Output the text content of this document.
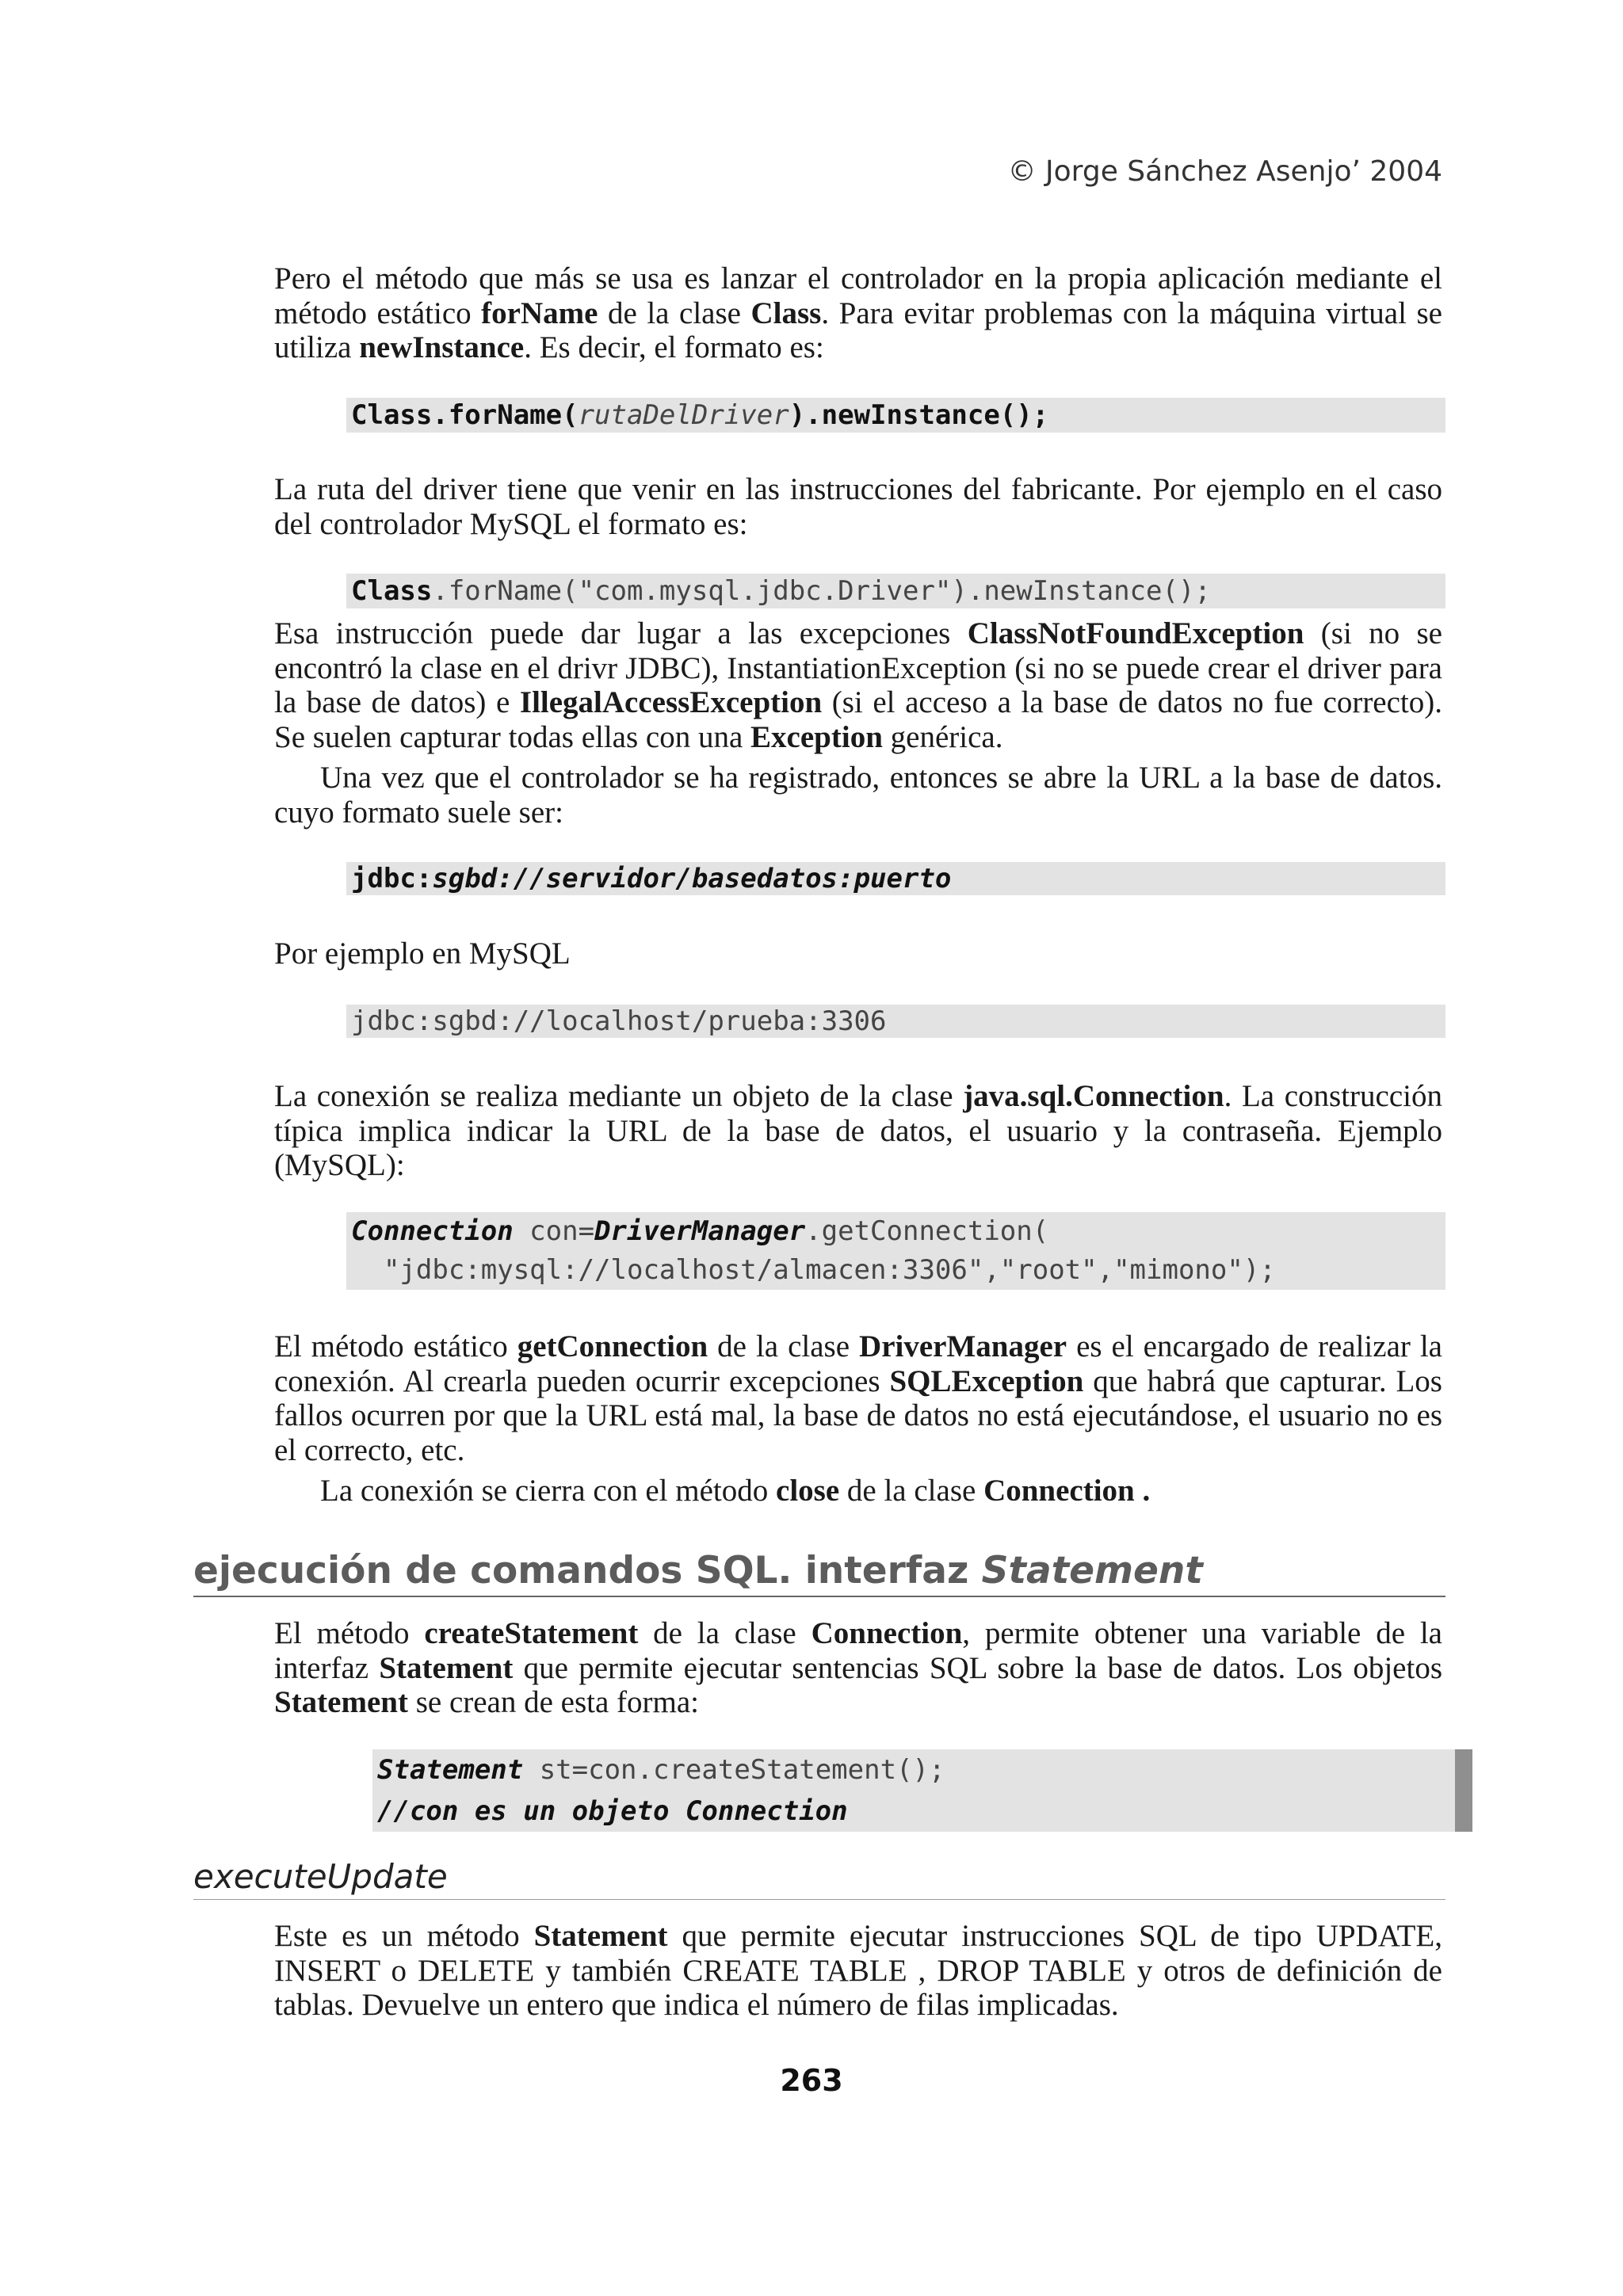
© Jorge Sánchez Asenjo’ 2004

Pero el método que más se usa es lanzar el controlador en la propia aplicación mediante el método estático forName de la clase Class. Para evitar problemas con la máquina virtual se utiliza newInstance. Es decir, el formato es:

Class.forName(rutaDelDriver).newInstance();

La ruta del driver tiene que venir en las instrucciones del fabricante. Por ejemplo en el caso del controlador MySQL el formato es:

Class.forName("com.mysql.jdbc.Driver").newInstance();

Esa instrucción puede dar lugar a las excepciones ClassNotFoundException (si no se encontró la clase en el drivr JDBC), InstantiationException (si no se puede crear el driver para la base de datos) e IllegalAccessException (si el acceso a la base de datos no fue correcto). Se suelen capturar todas ellas con una Exception genérica.

Una vez que el controlador se ha registrado, entonces se abre la URL a la base de datos. cuyo formato suele ser:

jdbc:sgbd://servidor/basedatos:puerto

Por ejemplo en MySQL

jdbc:sgbd://localhost/prueba:3306

La conexión se realiza mediante un objeto de la clase java.sql.Connection. La construcción típica implica indicar la URL de la base de datos, el usuario y la contraseña. Ejemplo (MySQL):

Connection con=DriverManager.getConnection(
"jdbc:mysql://localhost/almacen:3306","root","mimono");

El método estático getConnection de la clase DriverManager es el encargado de realizar la conexión. Al crearla pueden ocurrir excepciones SQLException que habrá que capturar. Los fallos ocurren por que la URL está mal, la base de datos no está ejecutándose, el usuario no es el correcto, etc.

La conexión se cierra con el método close de la clase Connection .

ejecución de comandos SQL. interfaz Statement

El método createStatement de la clase Connection, permite obtener una variable de la interfaz Statement que permite ejecutar sentencias SQL sobre la base de datos. Los objetos Statement se crean de esta forma:

Statement st=con.createStatement();
//con es un objeto Connection
executeUpdate

Este es un método Statement que permite ejecutar instrucciones SQL de tipo UPDATE, INSERT o DELETE y también CREATE TABLE , DROP TABLE y otros de definición de tablas. Devuelve un entero que indica el número de filas implicadas.

263
